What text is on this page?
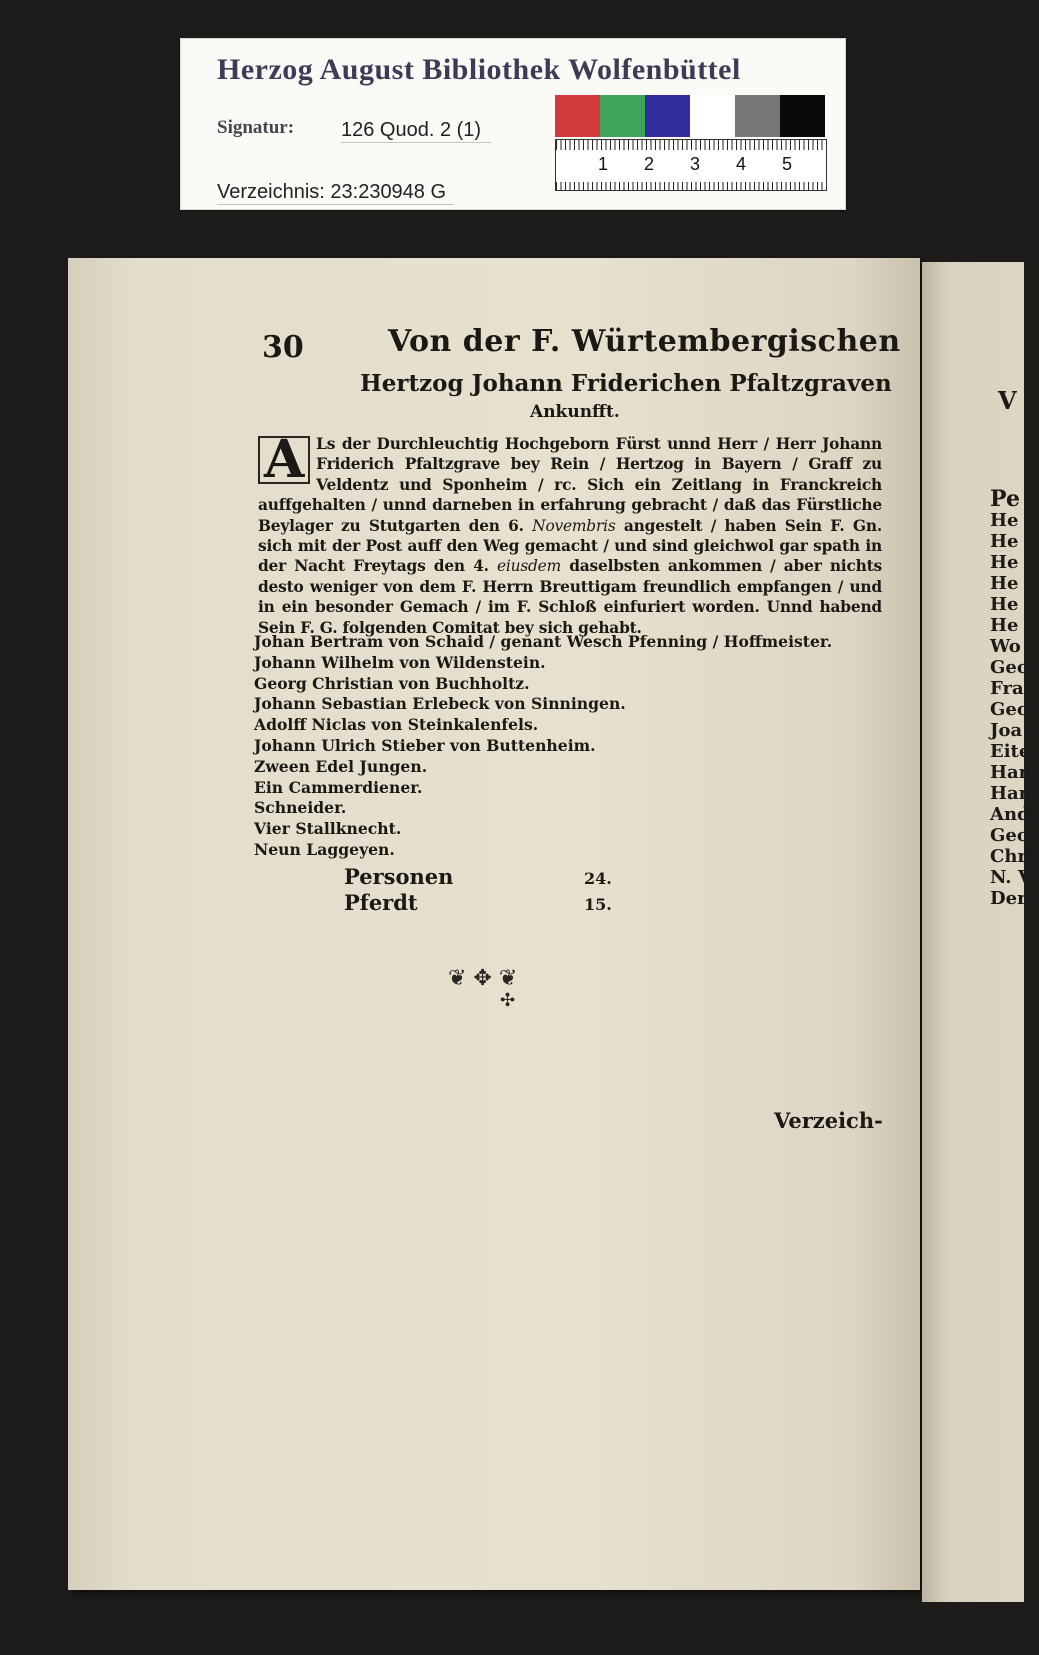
Herzog August Bibliothek Wolfenbüttel
Signatur: 126 Quod. 2 (1)
Verzeichnis: 23:230948 G
1 2 3 4 5
30	Von der F. Würtembergischen
Hertzog Johann Friderichen Pfaltzgraven
Ankunfft.
A Ls der Durchleuchtig Hochgeborn Fürst unnd Herr / Herr Johann Friderich Pfaltzgrave bey Rein / Hertzog in Bayern / Graff zu Veldentz und Sponheim / rc. Sich ein Zeitlang in Franckreich auffgehalten / unnd darneben in erfahrung gebracht / daß das Fürstliche Beylager zu Stutgarten den 6. Novembris angestelt / haben Sein F. Gn. sich mit der Post auff den Weg gemacht / und sind gleichwol gar spath in der Nacht Freytags den 4. eiusdem daselbsten ankommen / aber nichts desto weniger von dem F. Herrn Breuttigam freundlich empfangen / und in ein besonder Gemach / im F. Schloß einfuriert worden. Unnd habend Sein F. G. folgenden Comitat bey sich gehabt.
Johan Bertram von Schaid / genant Wesch Pfenning / Hoffmeister.
Johann Wilhelm von Wildenstein.
Georg Christian von Buchholtz.
Johann Sebastian Erlebeck von Sinningen.
Adolff Niclas von Steinkalenfels.
Johann Ulrich Stieber von Buttenheim.
Zween Edel Jungen.
Ein Cammerdiener.
Schneider.
Vier Stallknecht.
Neun Laggeyen.
Personen	24.
Pferdt	15.
❦ ✥ ❦
✣
Verzeich-
V
Pe
He
He
He
He
He
He
Wo
Geo
Fran
Geo
Joa
Eitel
Han
Han
Andr
Geo
Chri
N. V
Der
